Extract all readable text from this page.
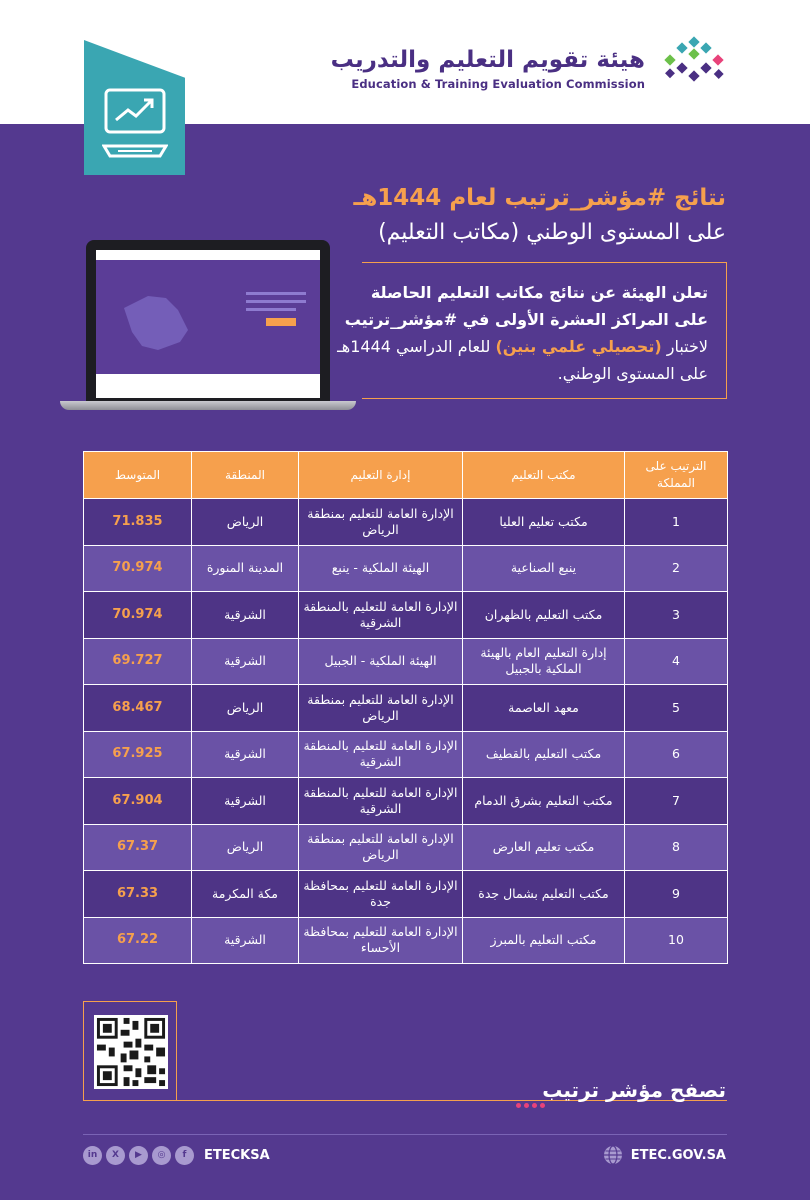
هيئة تقويم التعليم والتدريب
Education & Training Evaluation Commission
نتائج #مؤشر_ترتيب لعام 1444هـ
على المستوى الوطني (مكاتب التعليم)
تعلن الهيئة عن نتائج مكاتب التعليم الحاصلة
على المراكز العشرة الأولى في #مؤشر_ترتيب
لاختبار (تحصيلي علمي بنين) للعام الدراسي 1444هـ
على المستوى الوطني.
الترتيب على المملكة	مكتب التعليم	إدارة التعليم	المنطقة	المتوسط
1	مكتب تعليم العليا	الإدارة العامة للتعليم بمنطقة الرياض	الرياض	71.835
2	ينبع الصناعية	الهيئة الملكية - ينبع	المدينة المنورة	70.974
3	مكتب التعليم بالظهران	الإدارة العامة للتعليم بالمنطقة الشرقية	الشرقية	70.974
4	إدارة التعليم العام بالهيئة الملكية بالجبيل	الهيئة الملكية - الجبيل	الشرقية	69.727
5	معهد العاصمة	الإدارة العامة للتعليم بمنطقة الرياض	الرياض	68.467
6	مكتب التعليم بالقطيف	الإدارة العامة للتعليم بالمنطقة الشرقية	الشرقية	67.925
7	مكتب التعليم بشرق الدمام	الإدارة العامة للتعليم بالمنطقة الشرقية	الشرقية	67.904
8	مكتب تعليم العارض	الإدارة العامة للتعليم بمنطقة الرياض	الرياض	67.37
9	مكتب التعليم بشمال جدة	الإدارة العامة للتعليم بمحافظة جدة	مكة المكرمة	67.33
10	مكتب التعليم بالمبرز	الإدارة العامة للتعليم بمحافظة الأحساء	الشرقية	67.22
تصفح مؤشر ترتيب
in	X	▶	◎	f	ETECKSA	ETEC.GOV.SA
